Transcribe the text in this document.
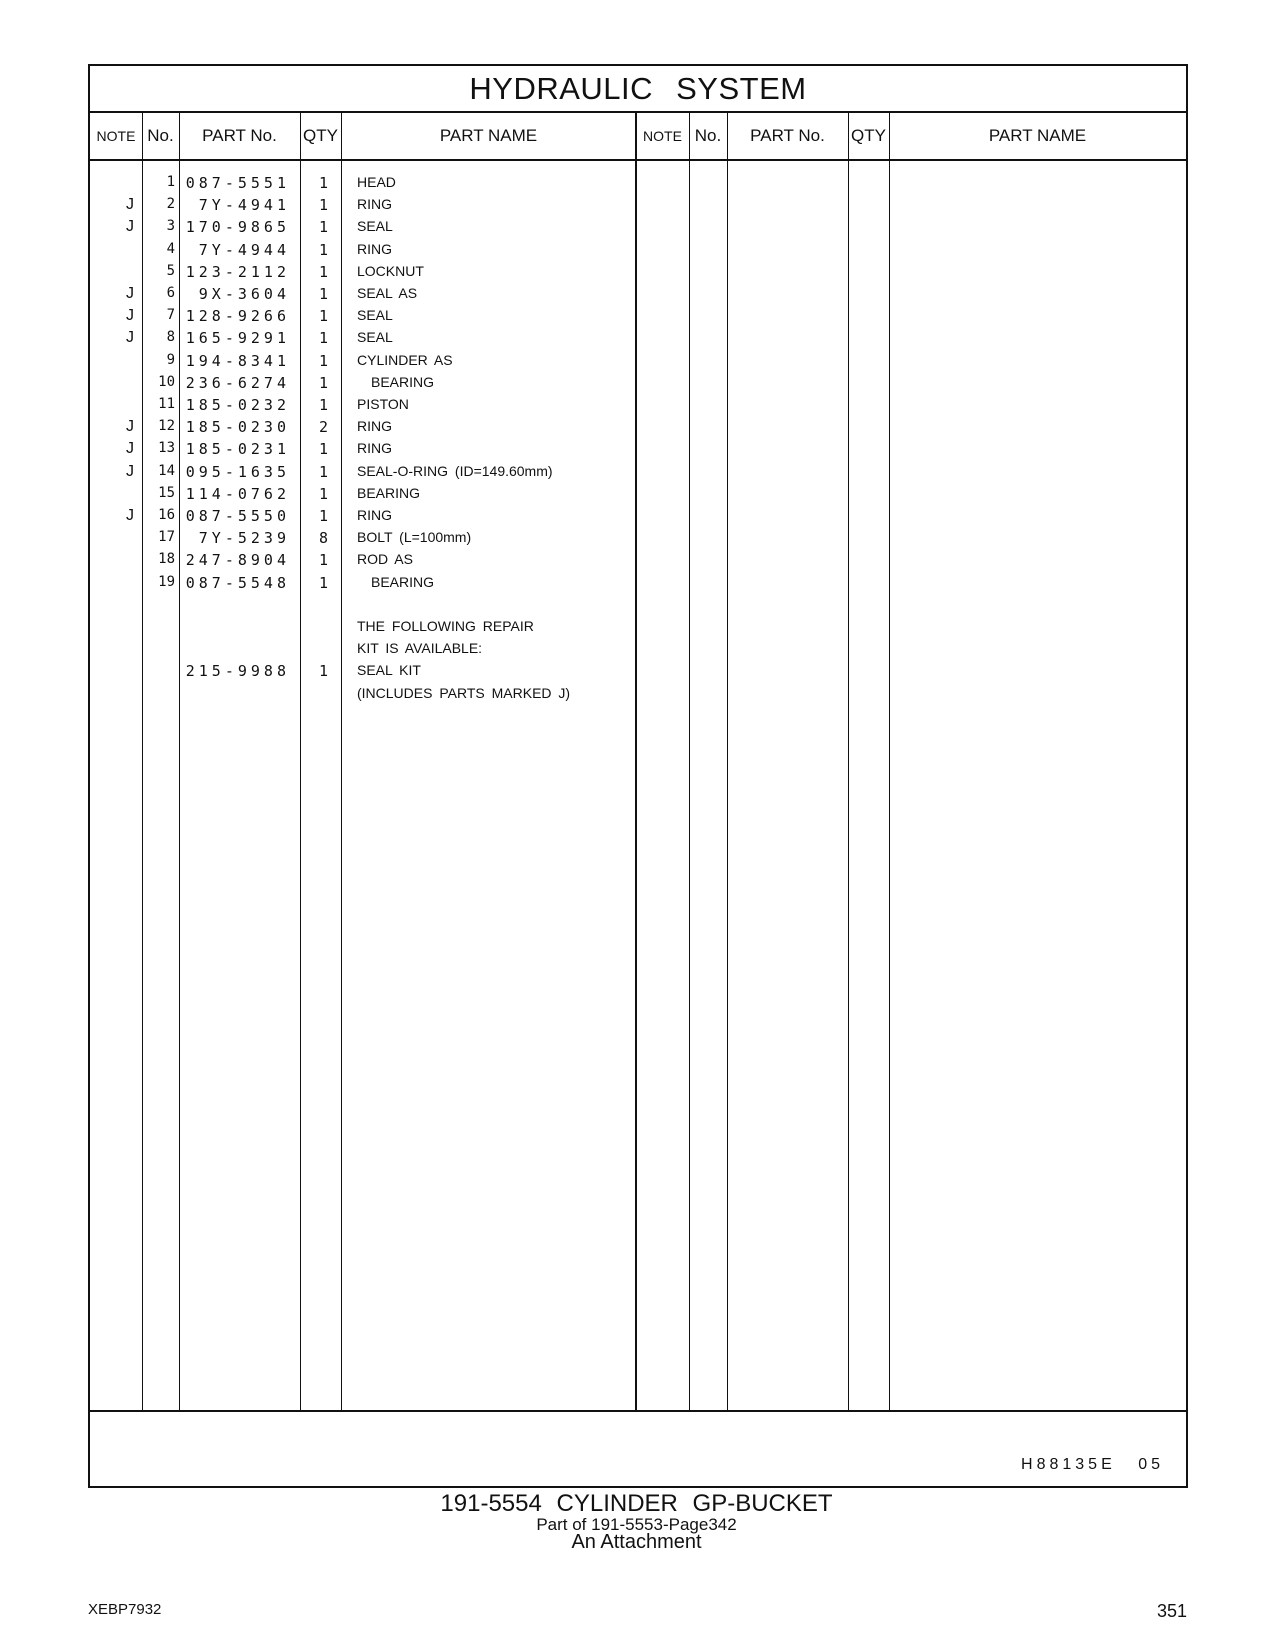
HYDRAULIC SYSTEM
NOTE No.	PART No.	QTY	PART NAME	NOTE No.	PART No.	QTY	PART NAME
1 087-5551	1 HEAD
J	2	7Y-4941	1 RING
J	3 170-9865	1 SEAL
4	7Y-4944	1 RING
5 123-2112	1 LOCKNUT
J	6	9X-3604	1 SEAL AS
J	7 128-9266	1 SEAL
J	8 165-9291	1 SEAL
9 194-8341	1 CYLINDER AS
10 236-6274	1	BEARING
11 185-0232	1 PISTON
J	12 185-0230	2 RING
J	13 185-0231	1 RING
J	14 095-1635	1 SEAL-O-RING (ID=149.60mm)
15 114-0762	1 BEARING
J	16 087-5550	1 RING
17	7Y-5239	8 BOLT (L=100mm)
18 247-8904	1 ROD AS
19 087-5548	1	BEARING
THE FOLLOWING REPAIR
KIT IS AVAILABLE:
215-9988	1 SEAL KIT
(INCLUDES PARTS MARKED J)
H88135E 05
191-5554 CYLINDER GP-BUCKET
Part of 191-5553-Page342
An Attachment
XEBP7932	351
